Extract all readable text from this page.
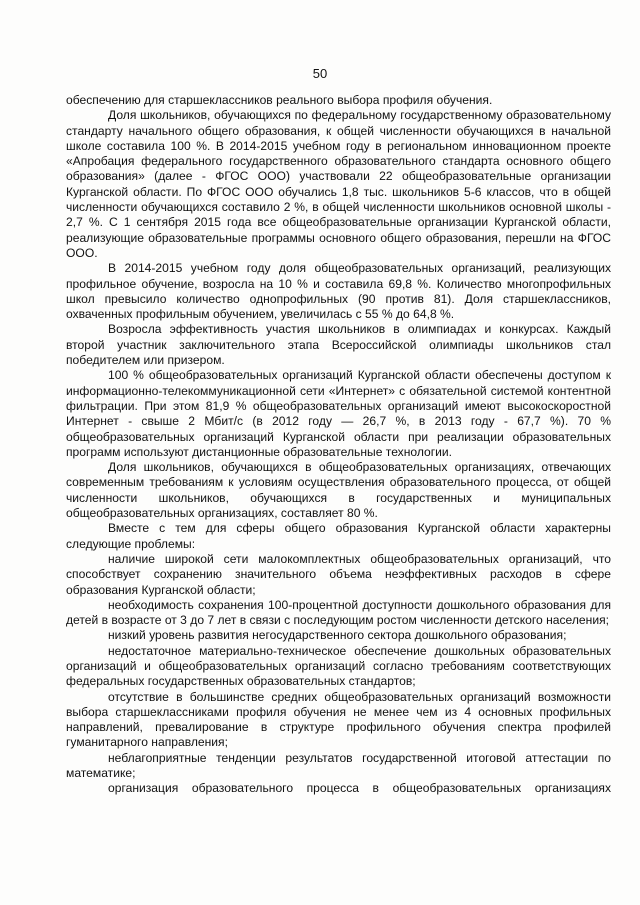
50

обеспечению для старшеклассников реального выбора профиля обучения.

Доля школьников, обучающихся по федеральному государственному образовательному стандарту начального общего образования, к общей численности обучающихся в начальной школе составила 100 %. В 2014-2015 учебном году в региональном инновационном проекте «Апробация федерального государственного образовательного стандарта основного общего образования» (далее - ФГОС ООО) участвовали 22 общеобразовательные организации Курганской области. По ФГОС ООО обучались 1,8 тыс. школьников 5-6 классов, что в общей численности обучающихся составило 2 %, в общей численности школьников основной школы - 2,7 %. С 1 сентября 2015 года все общеобразовательные организации Курганской области, реализующие образовательные программы основного общего образования, перешли на ФГОС ООО.

В 2014-2015 учебном году доля общеобразовательных организаций, реализующих профильное обучение, возросла на 10 % и составила 69,8 %. Количество многопрофильных школ превысило количество однопрофильных (90 против 81). Доля старшеклассников, охваченных профильным обучением, увеличилась с 55 % до 64,8 %.

Возросла эффективность участия школьников в олимпиадах и конкурсах. Каждый второй участник заключительного этапа Всероссийской олимпиады школьников стал победителем или призером.

100 % общеобразовательных организаций Курганской области обеспечены доступом к информационно-телекоммуникационной сети «Интернет» с обязательной системой контентной фильтрации. При этом 81,9 % общеобразовательных организаций имеют высокоскоростной Интернет - свыше 2 Мбит/с (в 2012 году — 26,7 %, в 2013 году - 67,7 %). 70 % общеобразовательных организаций Курганской области при реализации образовательных программ используют дистанционные образовательные технологии.

Доля школьников, обучающихся в общеобразовательных организациях, отвечающих современным требованиям к условиям осуществления образовательного процесса, от общей численности школьников, обучающихся в государственных и муниципальных общеобразовательных организациях, составляет 80 %.

Вместе с тем для сферы общего образования Курганской области характерны следующие проблемы:

наличие широкой сети малокомплектных общеобразовательных организаций, что способствует сохранению значительного объема неэффективных расходов в сфере образования Курганской области;

необходимость сохранения 100-процентной доступности дошкольного образования для детей в возрасте от 3 до 7 лет в связи с последующим ростом численности детского населения;

низкий уровень развития негосударственного сектора дошкольного образования;

недостаточное материально-техническое обеспечение дошкольных образовательных организаций и общеобразовательных организаций согласно требованиям соответствующих федеральных государственных образовательных стандартов;

отсутствие в большинстве средних общеобразовательных организаций возможности выбора старшеклассниками профиля обучения не менее чем из 4 основных профильных направлений, превалирование в структуре профильного обучения спектра профилей гуманитарного направления;

неблагоприятные тенденции результатов государственной итоговой аттестации по математике;

организация образовательного процесса в общеобразовательных организациях
